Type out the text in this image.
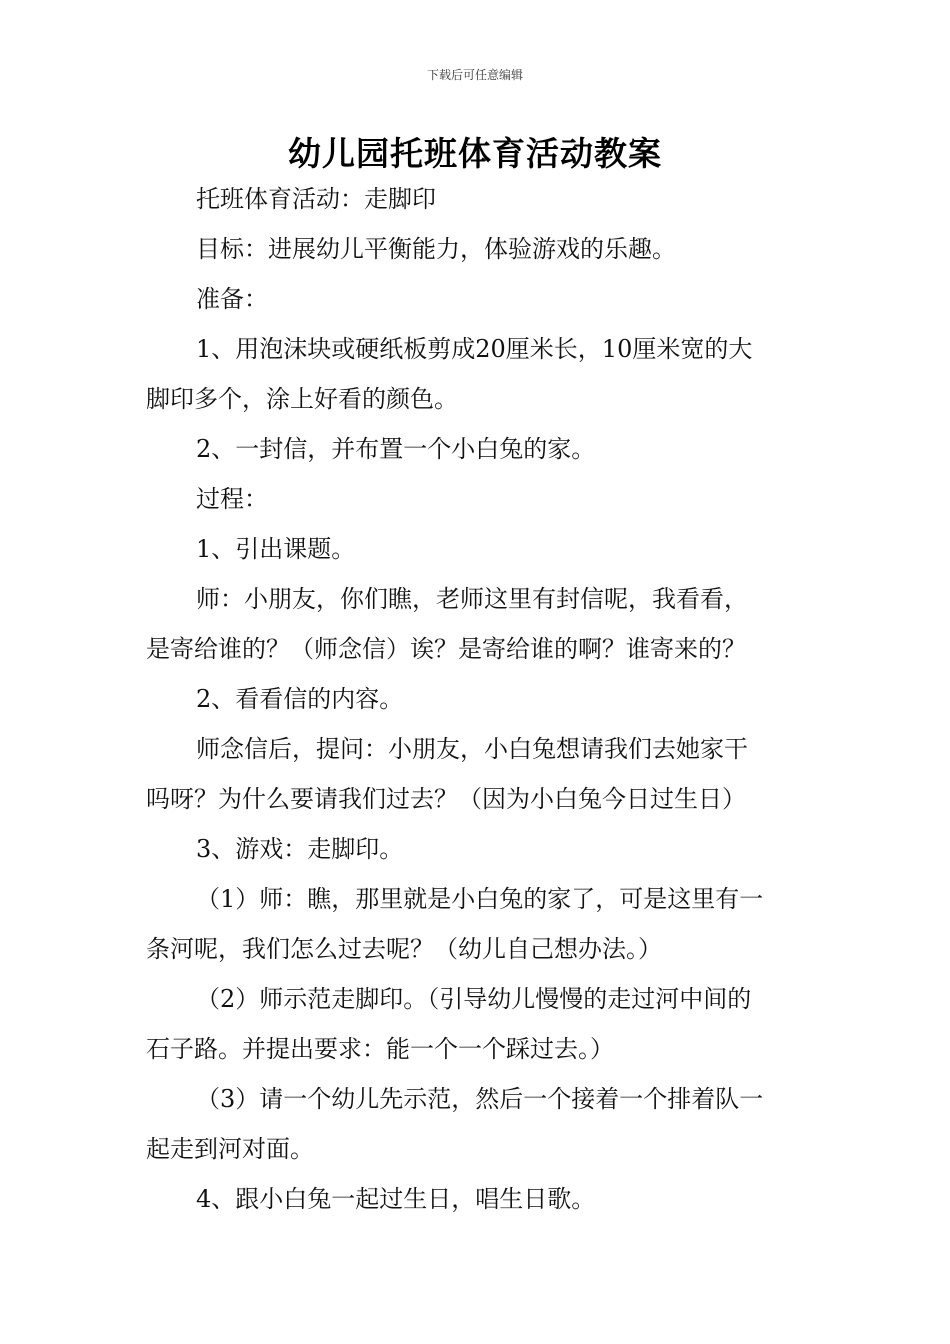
下载后可任意编辑
幼儿园托班体育活动教案
托班体育活动：走脚印
目标：进展幼儿平衡能力，体验游戏的乐趣。
准备：
1、用泡沫块或硬纸板剪成20厘米长，10厘米宽的大
脚印多个，涂上好看的颜色。
2、一封信，并布置一个小白兔的家。
过程：
1、引出课题。
师：小朋友，你们瞧，老师这里有封信呢，我看看，
是寄给谁的？（师念信）诶？是寄给谁的啊？谁寄来的？
2、看看信的内容。
师念信后，提问：小朋友，小白兔想请我们去她家干
吗呀？为什么要请我们过去？（因为小白兔今日过生日）
3、游戏：走脚印。
（1）师：瞧，那里就是小白兔的家了，可是这里有一
条河呢，我们怎么过去呢？（幼儿自己想办法。）
（2）师示范走脚印。（引导幼儿慢慢的走过河中间的
石子路。并提出要求：能一个一个踩过去。）
（3）请一个幼儿先示范，然后一个接着一个排着队一
起走到河对面。
4、跟小白兔一起过生日，唱生日歌。
